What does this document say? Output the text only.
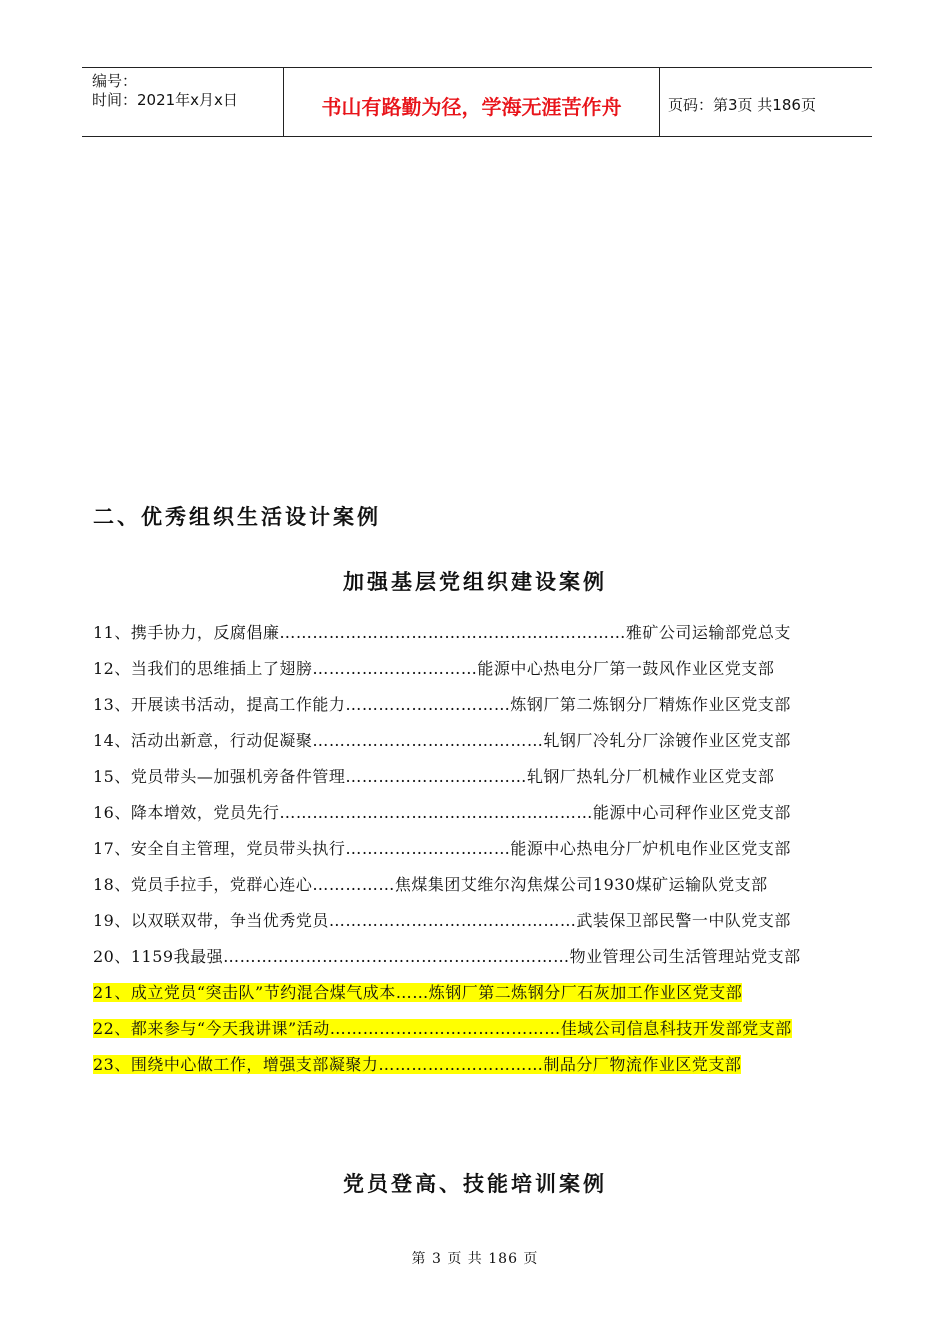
编号：
时间：2021年x月x日	书山有路勤为径，学海无涯苦作舟	页码：第3页 共186页
二、优秀组织生活设计案例
加强基层党组织建设案例
11、携手协力，反腐倡廉………………………………………………………雅矿公司运输部党总支
12、当我们的思维插上了翅膀…………………………能源中心热电分厂第一鼓风作业区党支部
13、开展读书活动，提高工作能力…………………………炼钢厂第二炼钢分厂精炼作业区党支部
14、活动出新意，行动促凝聚……………………………………轧钢厂冷轧分厂涂镀作业区党支部
15、党员带头—加强机旁备件管理……………………………轧钢厂热轧分厂机械作业区党支部
16、降本增效，党员先行…………………………………………………能源中心司秤作业区党支部
17、安全自主管理，党员带头执行…………………………能源中心热电分厂炉机电作业区党支部
18、党员手拉手，党群心连心……………焦煤集团艾维尔沟焦煤公司1930煤矿运输队党支部
19、以双联双带，争当优秀党员………………………………………武装保卫部民警一中队党支部
20、1159我最强………………………………………………………物业管理公司生活管理站党支部
21、成立党员“突击队”节约混合煤气成本……炼钢厂第二炼钢分厂石灰加工作业区党支部
22、都来参与“今天我讲课”活动……………………………………佳域公司信息科技开发部党支部
23、围绕中心做工作，增强支部凝聚力…………………………制品分厂物流作业区党支部
党员登高、技能培训案例
第 3 页 共 186 页
